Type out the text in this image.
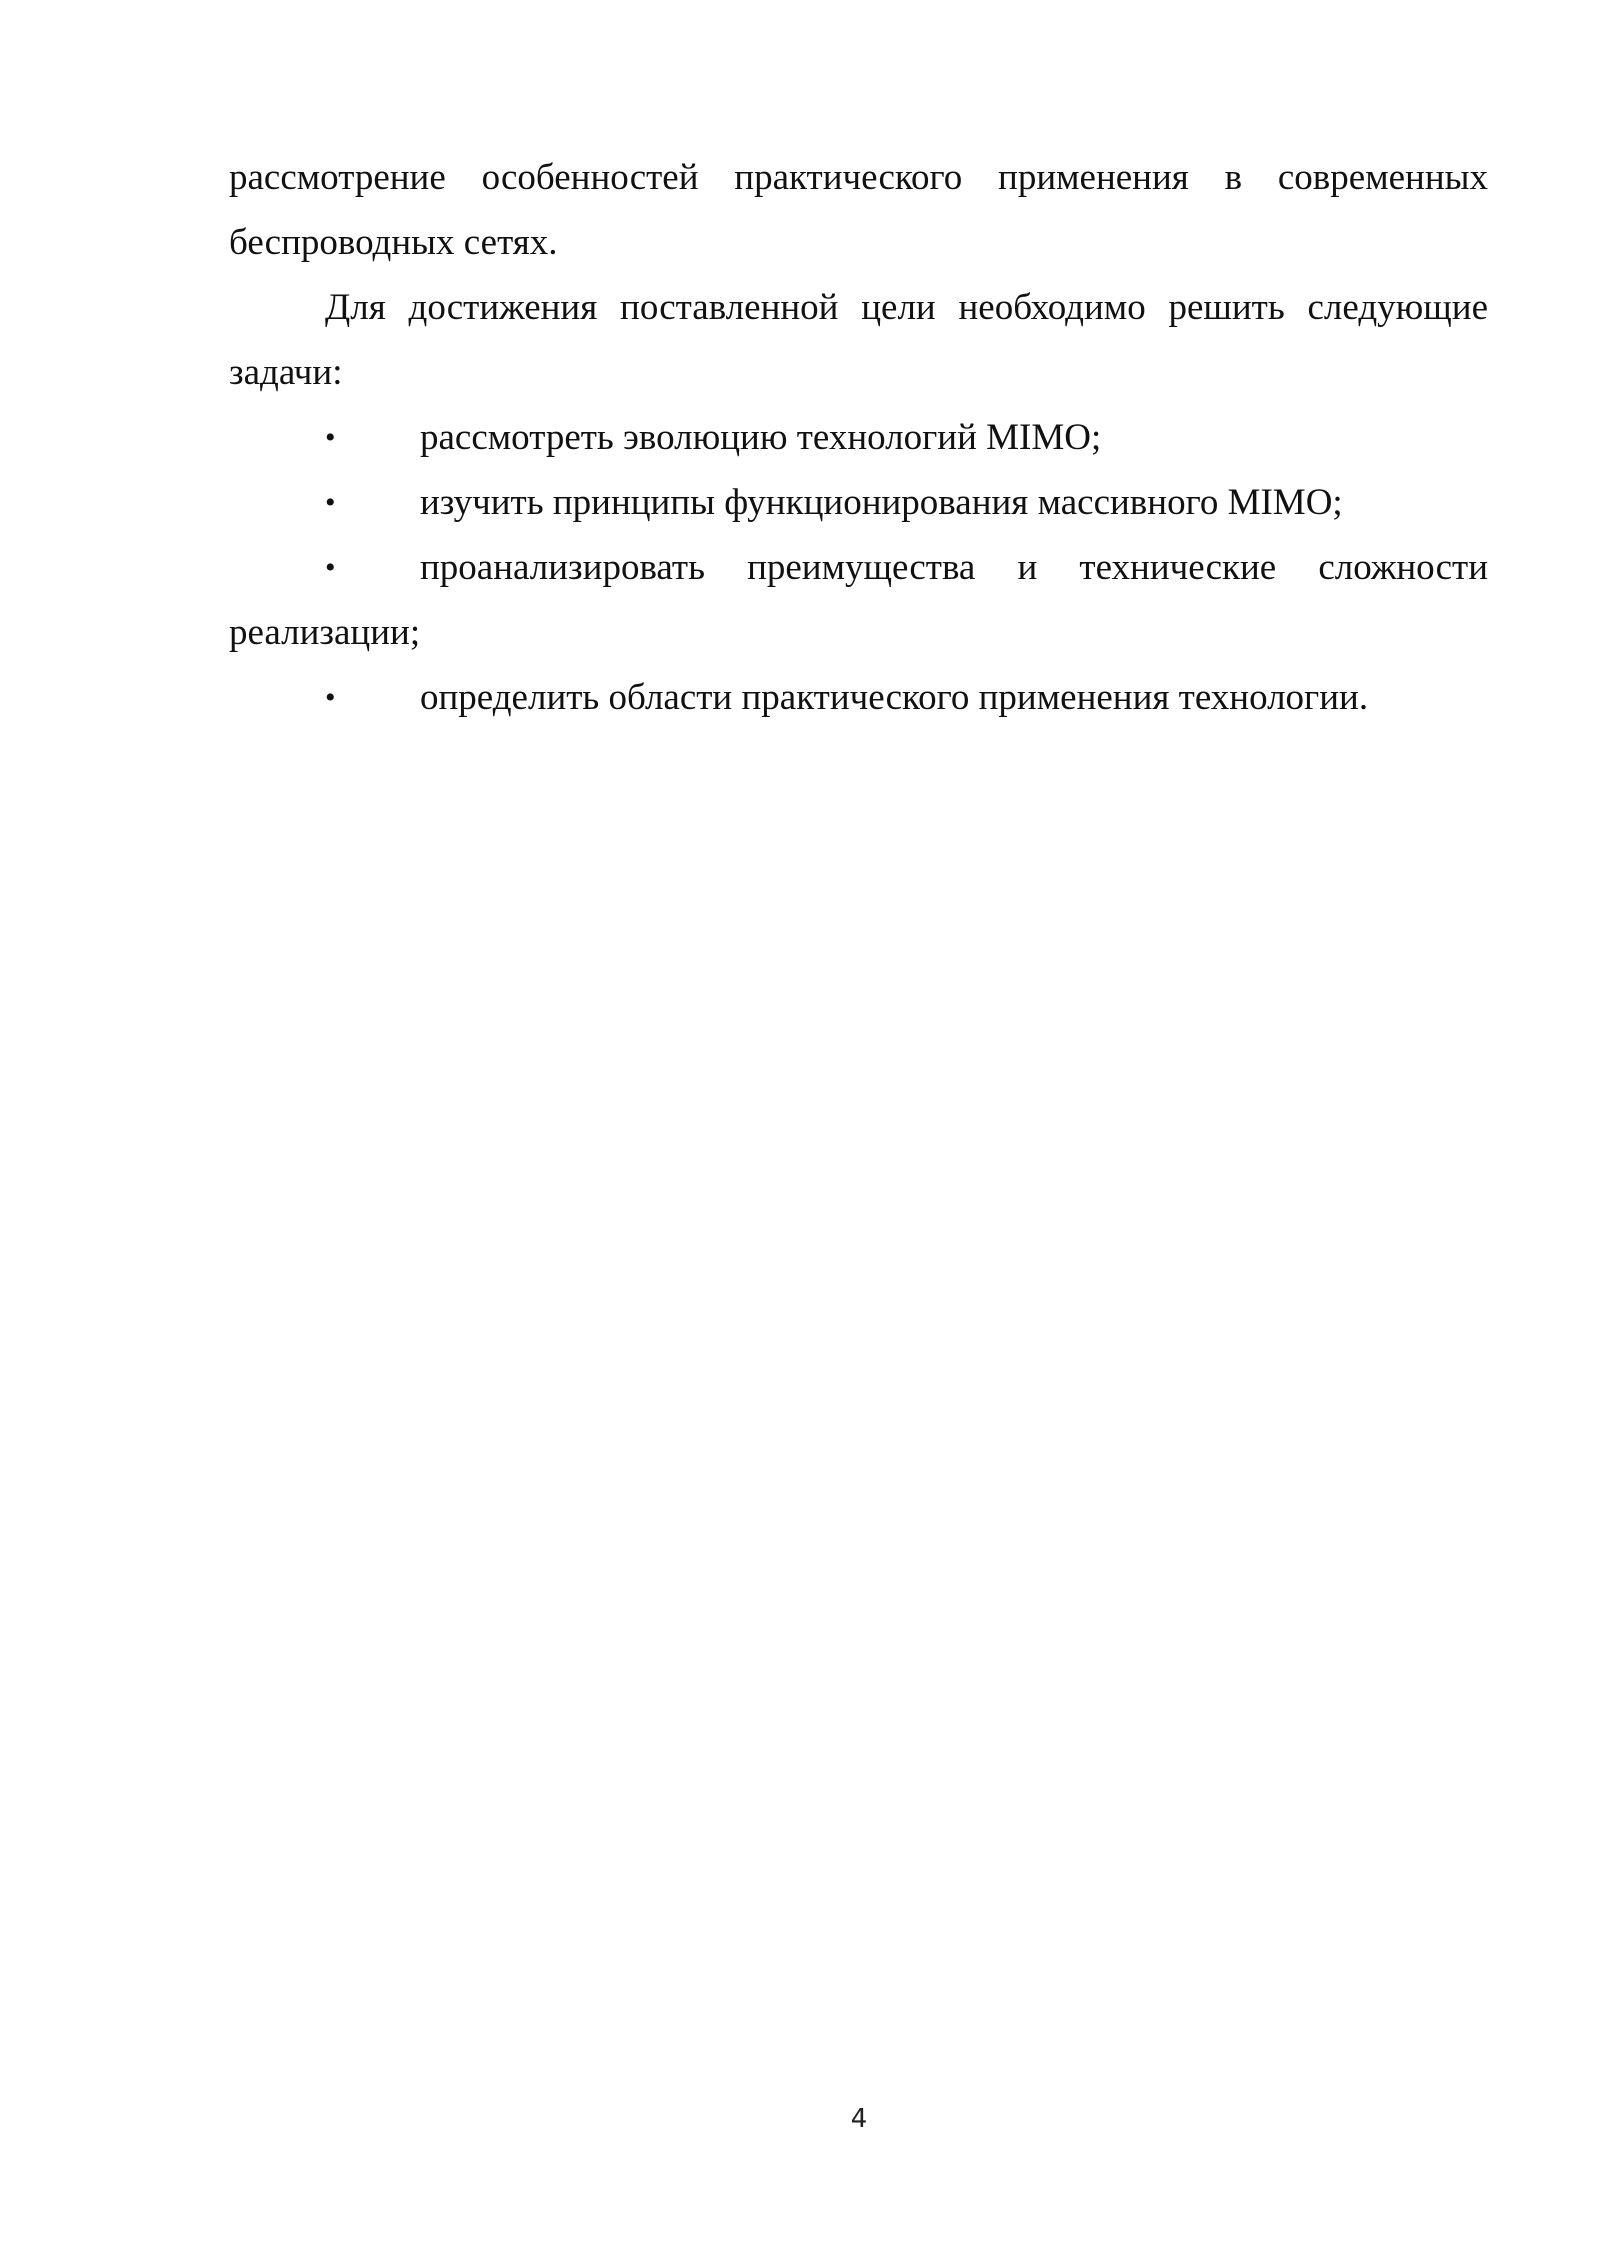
рассмотрение особенностей практического применения в современных беспроводных сетях.

Для достижения поставленной цели необходимо решить следующие задачи:

• рассмотреть эволюцию технологий MIMO;

• изучить принципы функционирования массивного MIMO;

• проанализировать преимущества и технические сложности реализации;

• определить области практического применения технологии.

4
